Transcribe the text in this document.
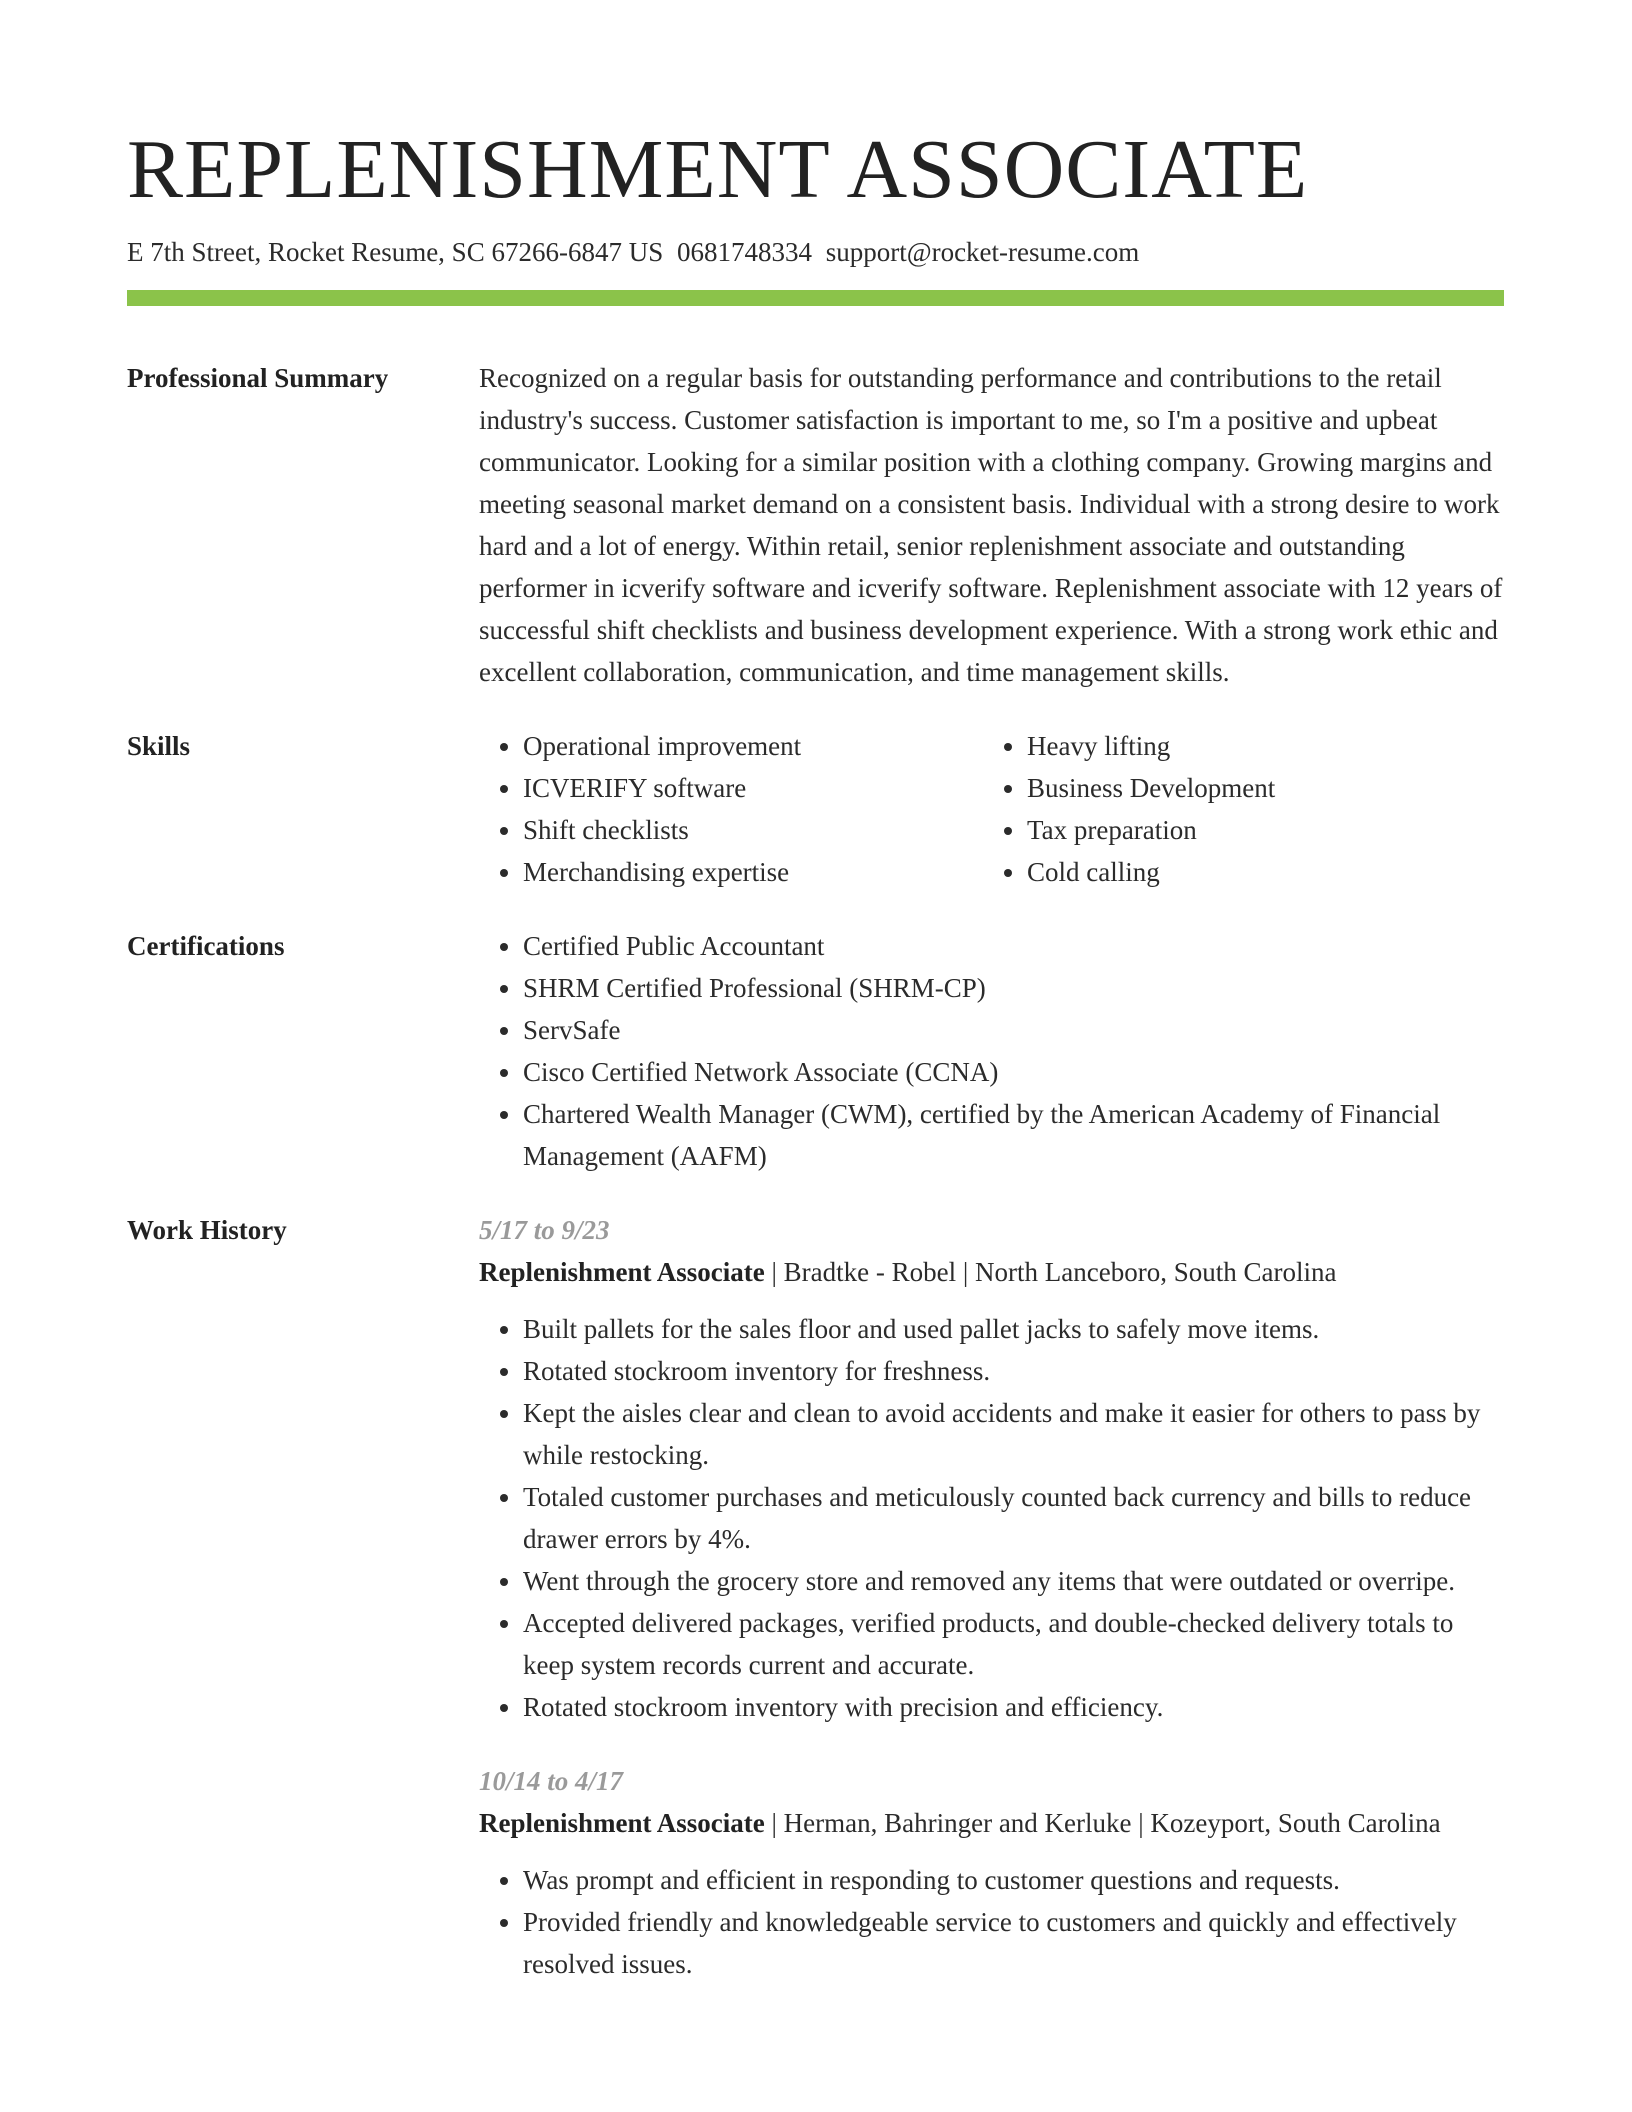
REPLENISHMENT ASSOCIATE
E 7th Street, Rocket Resume, SC 67266-6847 US 0681748334 support@rocket-resume.com
Professional Summary	Recognized on a regular basis for outstanding performance and contributions to the retail industry's success. Customer satisfaction is important to me, so I'm a positive and upbeat communicator. Looking for a similar position with a clothing company. Growing margins and meeting seasonal market demand on a consistent basis. Individual with a strong desire to work hard and a lot of energy. Within retail, senior replenishment associate and outstanding performer in icverify software and icverify software. Replenishment associate with 12 years of successful shift checklists and business development experience. With a strong work ethic and excellent collaboration, communication, and time management skills.

Skills	• Operational improvement
• ICVERIFY software
• Shift checklists
• Merchandising expertise
• Heavy lifting
• Business Development
• Tax preparation
• Cold calling
Certifications	• Certified Public Accountant
• SHRM Certified Professional (SHRM-CP)
• ServSafe
• Cisco Certified Network Associate (CCNA)
• Chartered Wealth Manager (CWM), certified by the American Academy of Financial Management (AAFM)
Work History	5/17 to 9/23
Replenishment Associate | Bradtke - Robel | North Lanceboro, South Carolina
• Built pallets for the sales floor and used pallet jacks to safely move items.
• Rotated stockroom inventory for freshness.
• Kept the aisles clear and clean to avoid accidents and make it easier for others to pass by while restocking.
• Totaled customer purchases and meticulously counted back currency and bills to reduce drawer errors by 4%.
• Went through the grocery store and removed any items that were outdated or overripe.
• Accepted delivered packages, verified products, and double-checked delivery totals to keep system records current and accurate.
• Rotated stockroom inventory with precision and efficiency.
10/14 to 4/17
Replenishment Associate | Herman, Bahringer and Kerluke | Kozeyport, South Carolina
• Was prompt and efficient in responding to customer questions and requests.
• Provided friendly and knowledgeable service to customers and quickly and effectively resolved issues.
